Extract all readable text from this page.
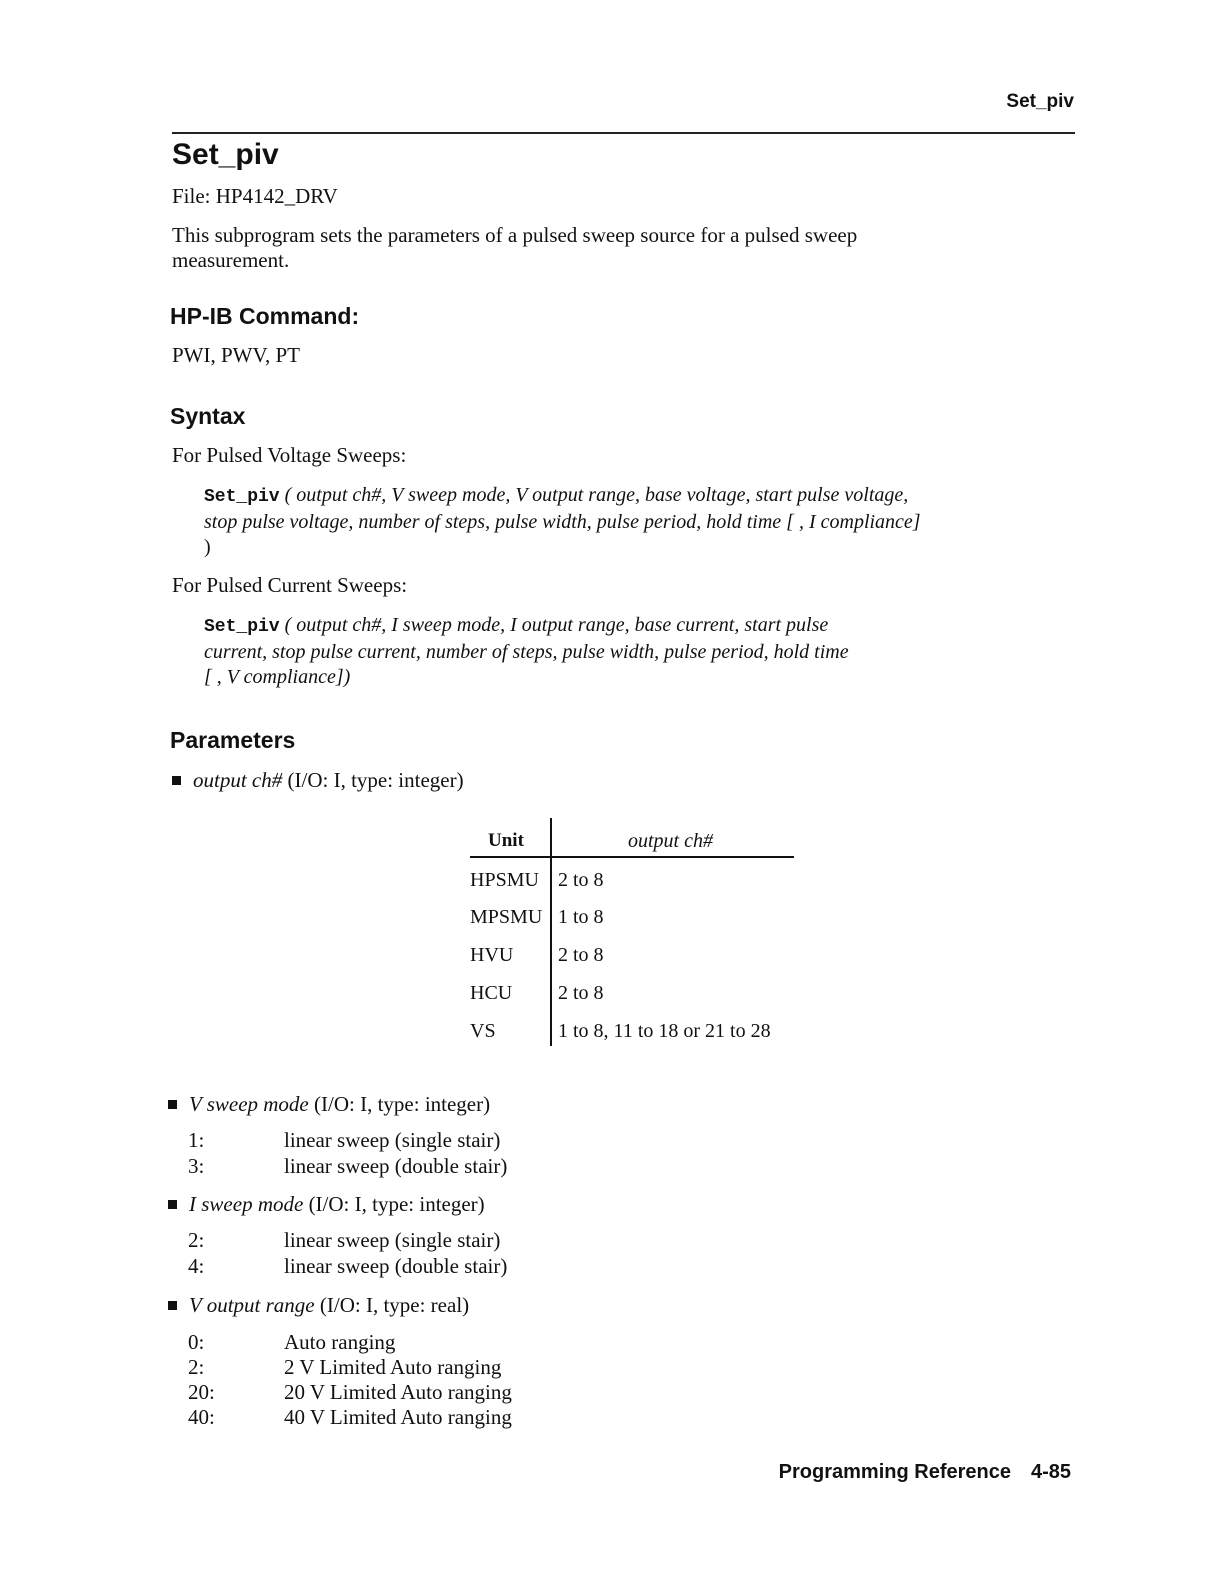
Set_piv
Set_piv
File: HP4142_DRV
This subprogram sets the parameters of a pulsed sweep source for a pulsed sweep
measurement.
HP-IB Command:
PWI, PWV, PT
Syntax
For Pulsed Voltage Sweeps:
Set_piv ( output ch#, V sweep mode, V output range, base voltage, start pulse voltage,
stop pulse voltage, number of steps, pulse width, pulse period, hold time [ , I compliance]
)
For Pulsed Current Sweeps:
Set_piv ( output ch#, I sweep mode, I output range, base current, start pulse
current, stop pulse current, number of steps, pulse width, pulse period, hold time
[ , V compliance])
Parameters
output ch# (I/O: I, type: integer)
Unit	output ch#
HPSMU 2 to 8
MPSMU 1 to 8
HVU 2 to 8
HCU 2 to 8
VS	1 to 8, 11 to 18 or 21 to 28
V sweep mode (I/O: I, type: integer)
1:	linear sweep (single stair)
3:	linear sweep (double stair)
I sweep mode (I/O: I, type: integer)
2:	linear sweep (single stair)
4:	linear sweep (double stair)
V output range (I/O: I, type: real)
0:	Auto ranging
2:	2 V Limited Auto ranging
20:	20 V Limited Auto ranging
40:	40 V Limited Auto ranging
Programming Reference 4-85
